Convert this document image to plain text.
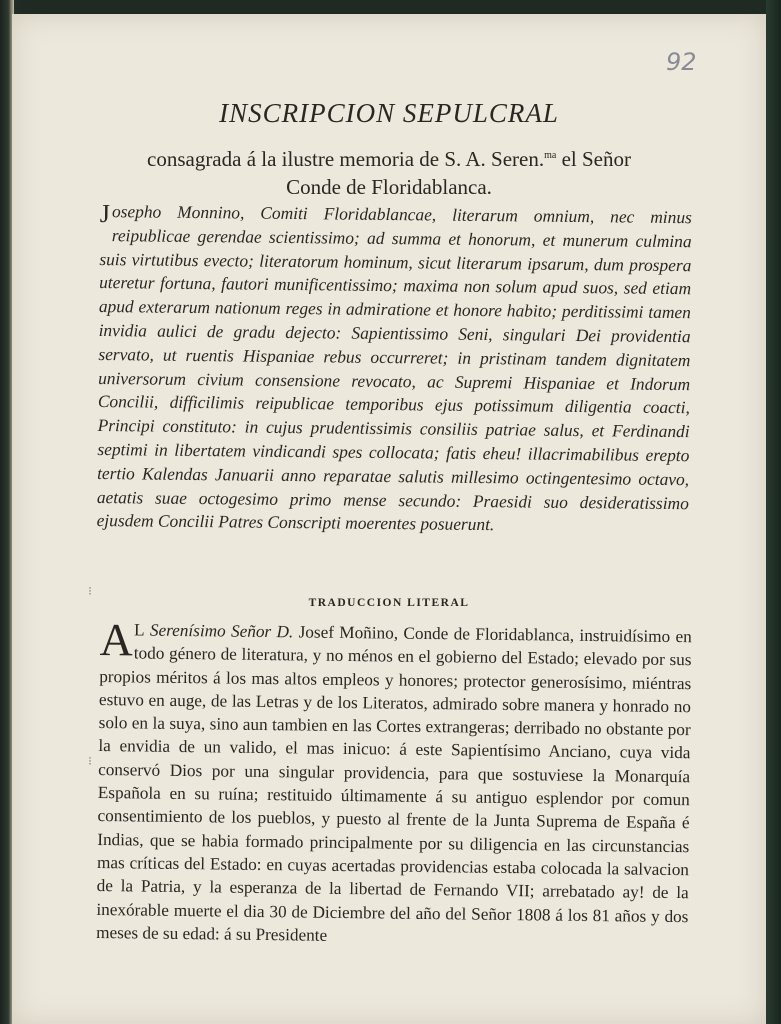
92
INSCRIPCION SEPULCRAL
consagrada á la ilustre memoria de S. A. Seren.$^{ma}$ el Señor
Conde de Floridablanca.
J osepho Monnino, Comiti Floridablancae, literarum omnium, nec minus reipublicae gerendae scientissimo; ad summa et honorum, et munerum culmina suis virtutibus evecto; literatorum hominum, sicut literarum ipsarum, dum prospera uteretur fortuna, fautori munificentissimo; maxima non solum apud suos, sed etiam apud exterarum nationum reges in admiratione et honore habito; perditissimi tamen invidia aulici de gradu dejecto: Sapientissimo Seni, singulari Dei providentia servato, ut ruentis Hispaniae rebus occurreret; in pristinam tandem dignitatem universorum civium consensione revocato, ac Supremi Hispaniae et Indorum Concilii, difficilimis reipublicae temporibus ejus potissimum diligentia coacti, Principi constituto: in cujus prudentissimis consiliis patriae salus, et Ferdinandi septimi in libertatem vindicandi spes collocata; fatis eheu! illacrimabilibus erepto tertio Kalendas Januarii anno reparatae salutis millesimo octingentesimo octavo, aetatis suae octogesimo primo mense secundo: Praesidi suo desideratissimo ejusdem Concilii Patres Conscripti moerentes posuerunt.
⁝
⁝
TRADUCCION LITERAL
A L Serenísimo Señor D. Josef Moñino, Conde de Floridablanca, instruidísimo en todo género de literatura, y no ménos en el gobierno del Estado; elevado por sus propios méritos á los mas altos empleos y honores; protector generosísimo, miéntras estuvo en auge, de las Letras y de los Literatos, admirado sobre manera y honrado no solo en la suya, sino aun tambien en las Cortes extrangeras; derribado no obstante por la envidia de un valido, el mas inicuo: á este Sapientísimo Anciano, cuya vida conservó Dios por una singular providencia, para que sostuviese la Monarquía Española en su ruína; restituido últimamente á su antiguo esplendor por comun consentimiento de los pueblos, y puesto al frente de la Junta Suprema de España é Indias, que se habia formado principalmente por su diligencia en las circunstancias mas críticas del Estado: en cuyas acertadas providencias estaba colocada la salvacion de la Patria, y la esperanza de la libertad de Fernando VII; arrebatado ay! de la inexórable muerte el dia 30 de Diciembre del año del Señor 1808 á los 81 años y dos meses de su edad: á su Presidente
